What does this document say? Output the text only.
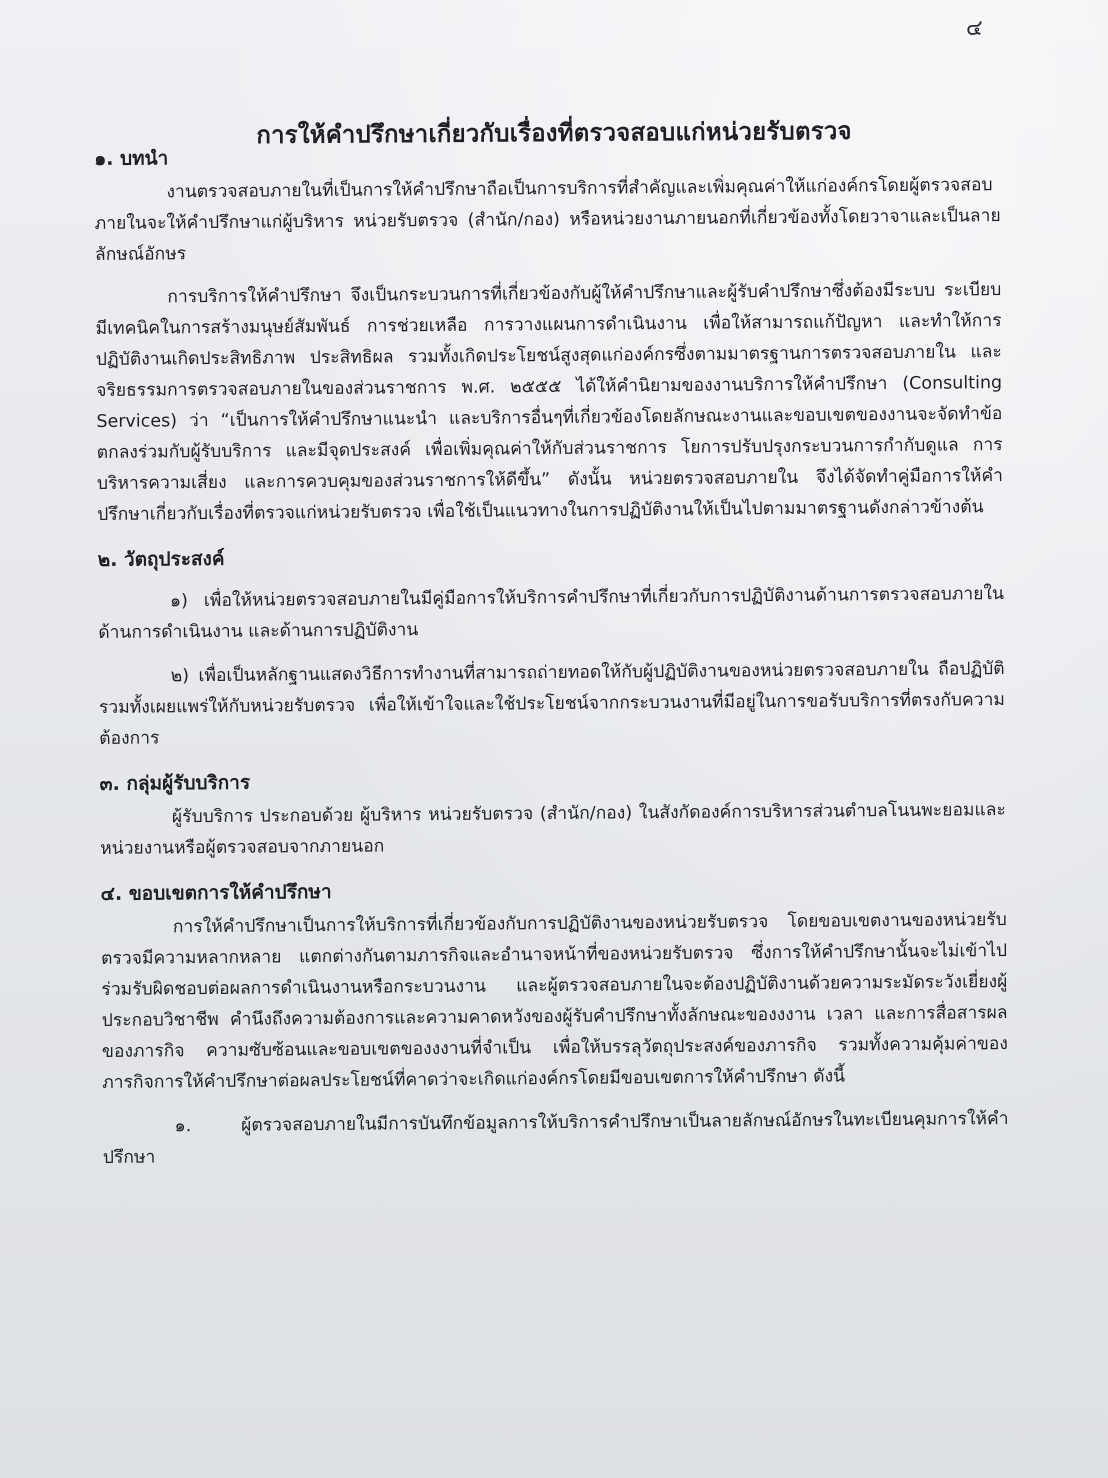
๔
การให้คำปรึกษาเกี่ยวกับเรื่องที่ตรวจสอบแก่หน่วยรับตรวจ
๑. บทนำ

งานตรวจสอบภายในที่เป็นการให้คำปรึกษาถือเป็นการบริการที่สำคัญและเพิ่มคุณค่าให้แก่องค์กรโดยผู้ตรวจสอบภายในจะให้คำปรึกษาแก่ผู้บริหาร หน่วยรับตรวจ (สำนัก/กอง) หรือหน่วยงานภายนอกที่เกี่ยวข้องทั้งโดยวาจาและเป็นลายลักษณ์อักษร

การบริการให้คำปรึกษา จึงเป็นกระบวนการที่เกี่ยวข้องกับผู้ให้คำปรึกษาและผู้รับคำปรึกษาซึ่งต้องมีระบบ ระเบียบ มีเทคนิคในการสร้างมนุษย์สัมพันธ์ การช่วยเหลือ การวางแผนการดำเนินงาน เพื่อให้สามารถแก้ปัญหา และทำให้การปฏิบัติงานเกิดประสิทธิภาพ ประสิทธิผล รวมทั้งเกิดประโยชน์สูงสุดแก่องค์กรซึ่งตามมาตรฐานการตรวจสอบภายใน และจริยธรรมการตรวจสอบภายในของส่วนราชการ พ.ศ. ๒๕๕๕ ได้ให้คำนิยามของงานบริการให้คำปรึกษา (Consulting Services) ว่า “เป็นการให้คำปรึกษาแนะนำ และบริการอื่นๆที่เกี่ยวข้องโดยลักษณะงานและขอบเขตของงานจะจัดทำข้อตกลงร่วมกับผู้รับบริการ และมีจุดประสงค์ เพื่อเพิ่มคุณค่าให้กับส่วนราชการ โยการปรับปรุงกระบวนการกำกับดูแล การบริหารความเสี่ยง และการควบคุมของส่วนราชการให้ดีขึ้น” ดังนั้น หน่วยตรวจสอบภายใน จึงได้จัดทำคู่มือการให้คำปรึกษาเกี่ยวกับเรื่องที่ตรวจแก่หน่วยรับตรวจ เพื่อใช้เป็นแนวทางในการปฏิบัติงานให้เป็นไปตามมาตรฐานดังกล่าวข้างต้น

๒. วัตถุประสงค์

๑) เพื่อให้หน่วยตรวจสอบภายในมีคู่มือการให้บริการคำปรึกษาที่เกี่ยวกับการปฏิบัติงานด้านการตรวจสอบภายใน ด้านการดำเนินงาน และด้านการปฏิบัติงาน

๒) เพื่อเป็นหลักฐานแสดงวิธีการทำงานที่สามารถถ่ายทอดให้กับผู้ปฏิบัติงานของหน่วยตรวจสอบภายใน ถือปฏิบัติ รวมทั้งเผยแพร่ให้กับหน่วยรับตรวจ เพื่อให้เข้าใจและใช้ประโยชน์จากกระบวนงานที่มีอยู่ในการขอรับบริการที่ตรงกับความต้องการ

๓. กลุ่มผู้รับบริการ

ผู้รับบริการ ประกอบด้วย ผู้บริหาร หน่วยรับตรวจ (สำนัก/กอง) ในสังกัดองค์การบริหารส่วนตำบลโนนพะยอมและหน่วยงานหรือผู้ตรวจสอบจากภายนอก

๔. ขอบเขตการให้คำปรึกษา

การให้คำปรึกษาเป็นการให้บริการที่เกี่ยวข้องกับการปฏิบัติงานของหน่วยรับตรวจ โดยขอบเขตงานของหน่วยรับตรวจมีความหลากหลาย แตกต่างกันตามภารกิจและอำนาจหน้าที่ของหน่วยรับตรวจ ซึ่งการให้คำปรึกษานั้นจะไม่เข้าไปร่วมรับผิดชอบต่อผลการดำเนินงานหรือกระบวนงาน และผู้ตรวจสอบภายในจะต้องปฏิบัติงานด้วยความระมัดระวังเยี่ยงผู้ประกอบวิชาชีพ คำนึงถึงความต้องการและความคาดหวังของผู้รับคำปรึกษาทั้งลักษณะของงงาน เวลา และการสื่อสารผลของภารกิจ ความซับซ้อนและขอบเขตของงงานที่จำเป็น เพื่อให้บรรลุวัตถุประสงค์ของภารกิจ รวมทั้งความคุ้มค่าของภารกิจการให้คำปรึกษาต่อผลประโยชน์ที่คาดว่าจะเกิดแก่องค์กรโดยมีขอบเขตการให้คำปรึกษา ดังนี้

๑. ผู้ตรวจสอบภายในมีการบันทึกข้อมูลการให้บริการคำปรึกษาเป็นลายลักษณ์อักษรในทะเบียนคุมการให้คำปรึกษา
